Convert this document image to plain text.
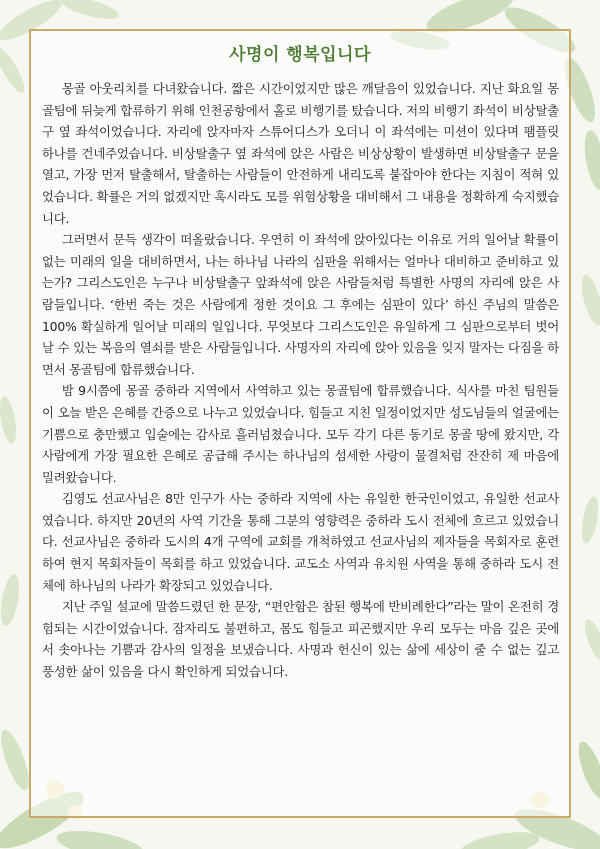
사명이 행복입니다

몽골 아웃리치를 다녀왔습니다. 짧은 시간이었지만 많은 깨달음이 있었습니다. 지난 화요일 몽골팀에 뒤늦게 합류하기 위해 인천공항에서 홀로 비행기를 탔습니다. 저의 비행기 좌석이 비상탈출구 옆 좌석이었습니다. 자리에 앉자마자 스튜어디스가 오더니 이 좌석에는 미션이 있다며 팸플릿 하나를 건네주었습니다. 비상탈출구 옆 좌석에 앉은 사람은 비상상황이 발생하면 비상탈출구 문을 열고, 가장 먼저 탈출해서, 탈출하는 사람들이 안전하게 내리도록 붙잡아야 한다는 지침이 적혀 있었습니다. 확률은 거의 없겠지만 혹시라도 모를 위험상황을 대비해서 그 내용을 정확하게 숙지했습니다.

그러면서 문득 생각이 떠올랐습니다. 우연히 이 좌석에 앉아있다는 이유로 거의 일어날 확률이 없는 미래의 일을 대비하면서, 나는 하나님 나라의 심판을 위해서는 얼마나 대비하고 준비하고 있는가? 그리스도인은 누구나 비상탈출구 앞좌석에 앉은 사람들처럼 특별한 사명의 자리에 앉은 사람들입니다. ‘한번 죽는 것은 사람에게 정한 것이요 그 후에는 심판이 있다’ 하신 주님의 말씀은 100% 확실하게 일어날 미래의 일입니다. 무엇보다 그리스도인은 유일하게 그 심판으로부터 벗어날 수 있는 복음의 열쇠를 받은 사람들입니다. 사명자의 자리에 앉아 있음을 잊지 말자는 다짐을 하면서 몽골팀에 합류했습니다.

밤 9시쯤에 몽골 중하라 지역에서 사역하고 있는 몽골팀에 합류했습니다. 식사를 마친 팀원들이 오늘 받은 은혜를 간증으로 나누고 있었습니다. 힘들고 지친 일정이었지만 성도님들의 얼굴에는 기쁨으로 충만했고 입술에는 감사로 흘러넘쳤습니다. 모두 각기 다른 동기로 몽골 땅에 왔지만, 각 사람에게 가장 필요한 은혜로 공급해 주시는 하나님의 섬세한 사랑이 물결처럼 잔잔히 제 마음에 밀려왔습니다.

김영도 선교사님은 8만 인구가 사는 중하라 지역에 사는 유일한 한국인이었고, 유일한 선교사였습니다. 하지만 20년의 사역 기간을 통해 그분의 영향력은 중하라 도시 전체에 흐르고 있었습니다. 선교사님은 중하라 도시의 4개 구역에 교회를 개척하였고 선교사님의 제자들을 목회자로 훈련하여 현지 목회자들이 목회를 하고 있었습니다. 교도소 사역과 유치원 사역을 통해 중하라 도시 전체에 하나님의 나라가 확장되고 있었습니다.

지난 주일 설교에 말씀드렸던 한 문장, “편안함은 참된 행복에 반비례한다”라는 말이 온전히 경험되는 시간이었습니다. 잠자리도 불편하고, 몸도 힘들고 피곤했지만 우리 모두는 마음 깊은 곳에서 솟아나는 기쁨과 감사의 일정을 보냈습니다. 사명과 헌신이 있는 삶에 세상이 줄 수 없는 깊고 풍성한 삶이 있음을 다시 확인하게 되었습니다.
